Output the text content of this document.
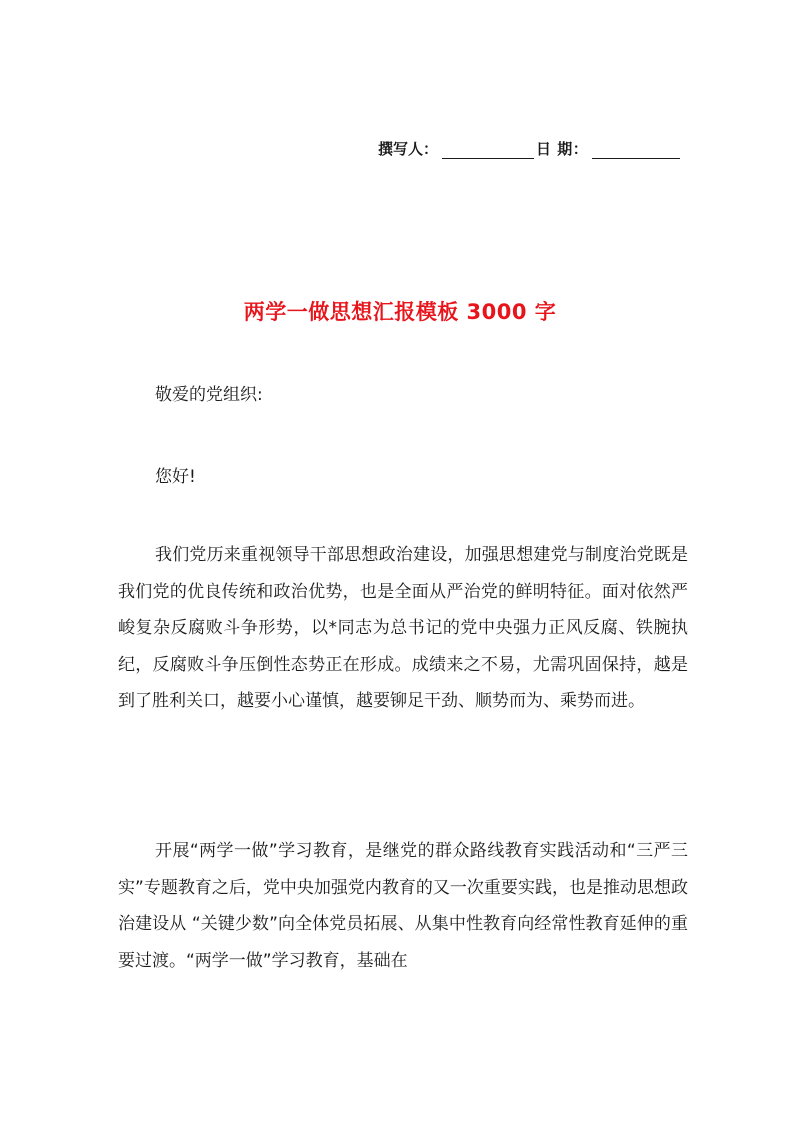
撰写人：	日 期：
两学一做思想汇报模板 3000 字
敬爱的党组织:
您好!

我们党历来重视领导干部思想政治建设，加强思想建党与制度治党既是我们党的优良传统和政治优势，也是全面从严治党的鲜明特征。面对依然严峻复杂反腐败斗争形势，以*同志为总书记的党中央强力正风反腐、铁腕执纪，反腐败斗争压倒性态势正在形成。成绩来之不易，尤需巩固保持，越是到了胜利关口，越要小心谨慎，越要铆足干劲、顺势而为、乘势而进。

开展“两学一做”学习教育，是继党的群众路线教育实践活动和“三严三实”专题教育之后，党中央加强党内教育的又一次重要实践，也是推动思想政治建设从 “关键少数”向全体党员拓展、从集中性教育向经常性教育延伸的重要过渡。“两学一做”学习教育，基础在
